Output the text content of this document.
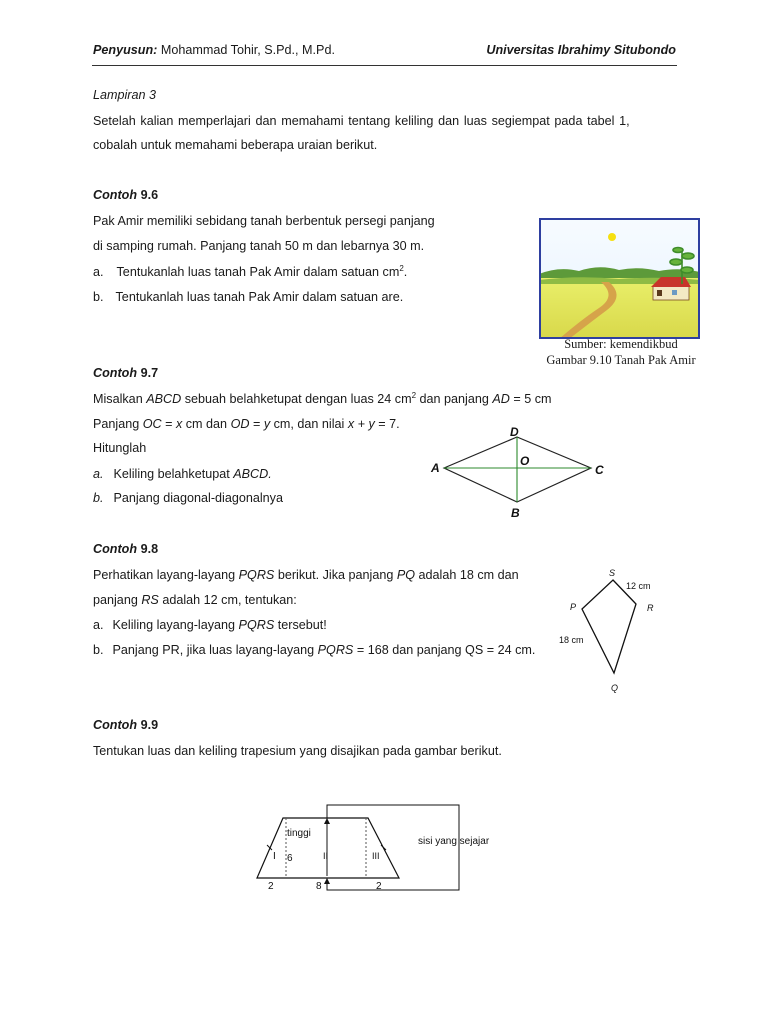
Penyusun: Mohammad Tohir, S.Pd., M.Pd.	Universitas Ibrahimy Situbondo
Lampiran 3
Setelah kalian memperlajari dan memahami tentang keliling dan luas segiempat pada tabel 1,
cobalah untuk memahami beberapa uraian berikut.
Contoh 9.6
Pak Amir memiliki sebidang tanah berbentuk persegi panjang
di samping rumah. Panjang tanah 50 m dan lebarnya 30 m.
a. Tentukanlah luas tanah Pak Amir dalam satuan $cm^2$.
b. Tentukanlah luas tanah Pak Amir dalam satuan are.
Sumber: kemendikbud
Gambar 9.10 Tanah Pak Amir
Contoh 9.7
Misalkan ABCD sebuah belahketupat dengan luas 24 $cm^2$ dan panjang AD = 5 cm
Panjang OC = x cm dan OD = y cm, dan nilai x + y = 7.
Hitunglah
a. Keliling belahketupat ABCD.
b. Panjang diagonal-diagonalnya
D
A	C
B
O
Contoh 9.8
Perhatikan layang-layang PQRS berikut. Jika panjang PQ adalah 18 cm dan
panjang RS adalah 12 cm, tentukan:
a. Keliling layang-layang PQRS tersebut!
b. Panjang PR, jika luas layang-layang PQRS = 168 dan panjang QS = 24 cm.
S
P	R
Q
12 cm
18 cm
Contoh 9.9
Tentukan luas dan keliling trapesium yang disajikan pada gambar berikut.
tinggi
6
I	II	III
2	8	2
sisi yang sejajar
